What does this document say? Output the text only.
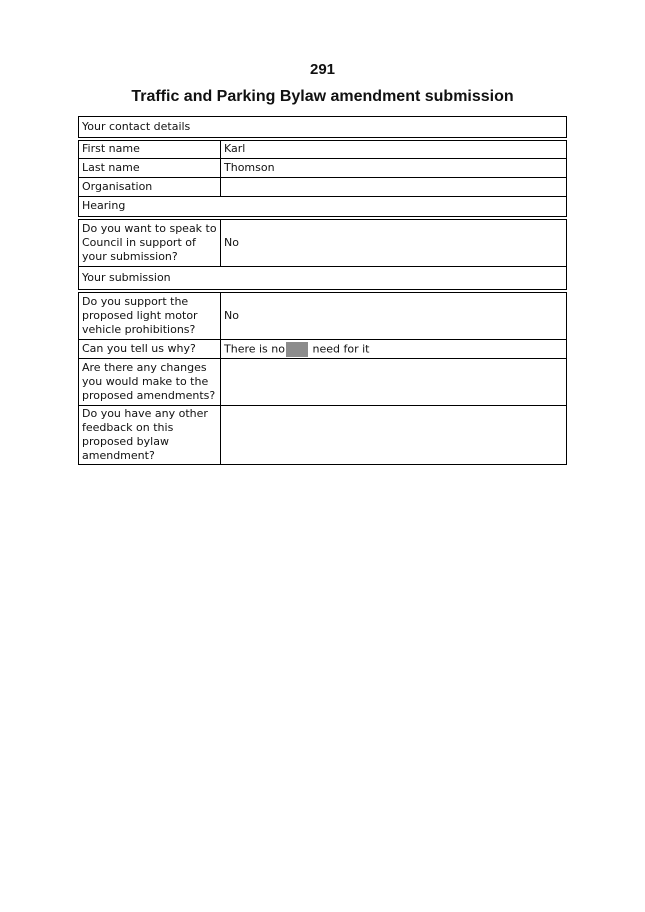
291
Traffic and Parking Bylaw amendment submission
Your contact details	
First name	Karl
Last name	Thomson
Organisation	
Hearing	
Do you want to speak to Council in support of your submission?	No
Your submission	
Do you support the proposed light motor vehicle prohibitions?	No
Can you tell us why?	There is no need for it
Are there any changes you would make to the proposed amendments?	
Do you have any other feedback on this proposed bylaw amendment?	
